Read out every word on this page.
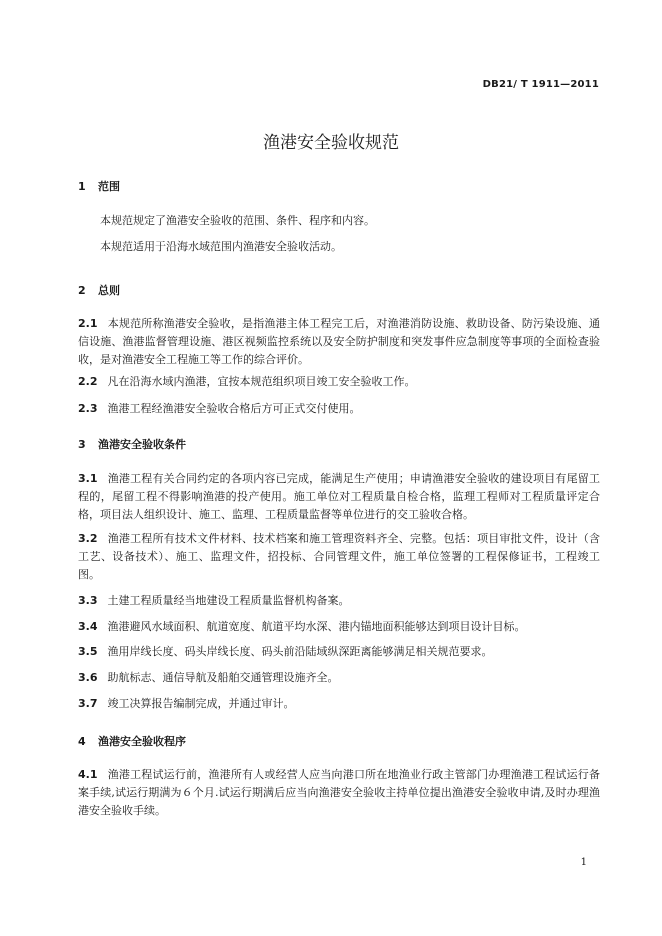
DB21/ T 1911—2011
渔港安全验收规范
1 范围
本规范规定了渔港安全验收的范围、条件、程序和内容。
本规范适用于沿海水域范围内渔港安全验收活动。
2 总则
2.1 本规范所称渔港安全验收，是指渔港主体工程完工后，对渔港消防设施、救助设备、防污染设施、通信设施、渔港监督管理设施、港区视频监控系统以及安全防护制度和突发事件应急制度等事项的全面检查验收，是对渔港安全工程施工等工作的综合评价。
2.2 凡在沿海水域内渔港，宜按本规范组织项目竣工安全验收工作。
2.3 渔港工程经渔港安全验收合格后方可正式交付使用。
3 渔港安全验收条件
3.1 渔港工程有关合同约定的各项内容已完成，能满足生产使用；申请渔港安全验收的建设项目有尾留工程的，尾留工程不得影响渔港的投产使用。施工单位对工程质量自检合格，监理工程师对工程质量评定合格，项目法人组织设计、施工、监理、工程质量监督等单位进行的交工验收合格。
3.2 渔港工程所有技术文件材料、技术档案和施工管理资料齐全、完整。包括：项目审批文件，设计（含工艺、设备技术）、施工、监理文件，招投标、合同管理文件，施工单位签署的工程保修证书，工程竣工图。
3.3 土建工程质量经当地建设工程质量监督机构备案。
3.4 渔港避风水域面积、航道宽度、航道平均水深、港内锚地面积能够达到项目设计目标。
3.5 渔用岸线长度、码头岸线长度、码头前沿陆域纵深距离能够满足相关规范要求。
3.6 助航标志、通信导航及船舶交通管理设施齐全。
3.7 竣工决算报告编制完成，并通过审计。
4 渔港安全验收程序
4.1 渔港工程试运行前，渔港所有人或经营人应当向港口所在地渔业行政主管部门办理渔港工程试运行备案手续,试运行期满为６个月.试运行期满后应当向渔港安全验收主持单位提出渔港安全验收申请,及时办理渔港安全验收手续。
1
